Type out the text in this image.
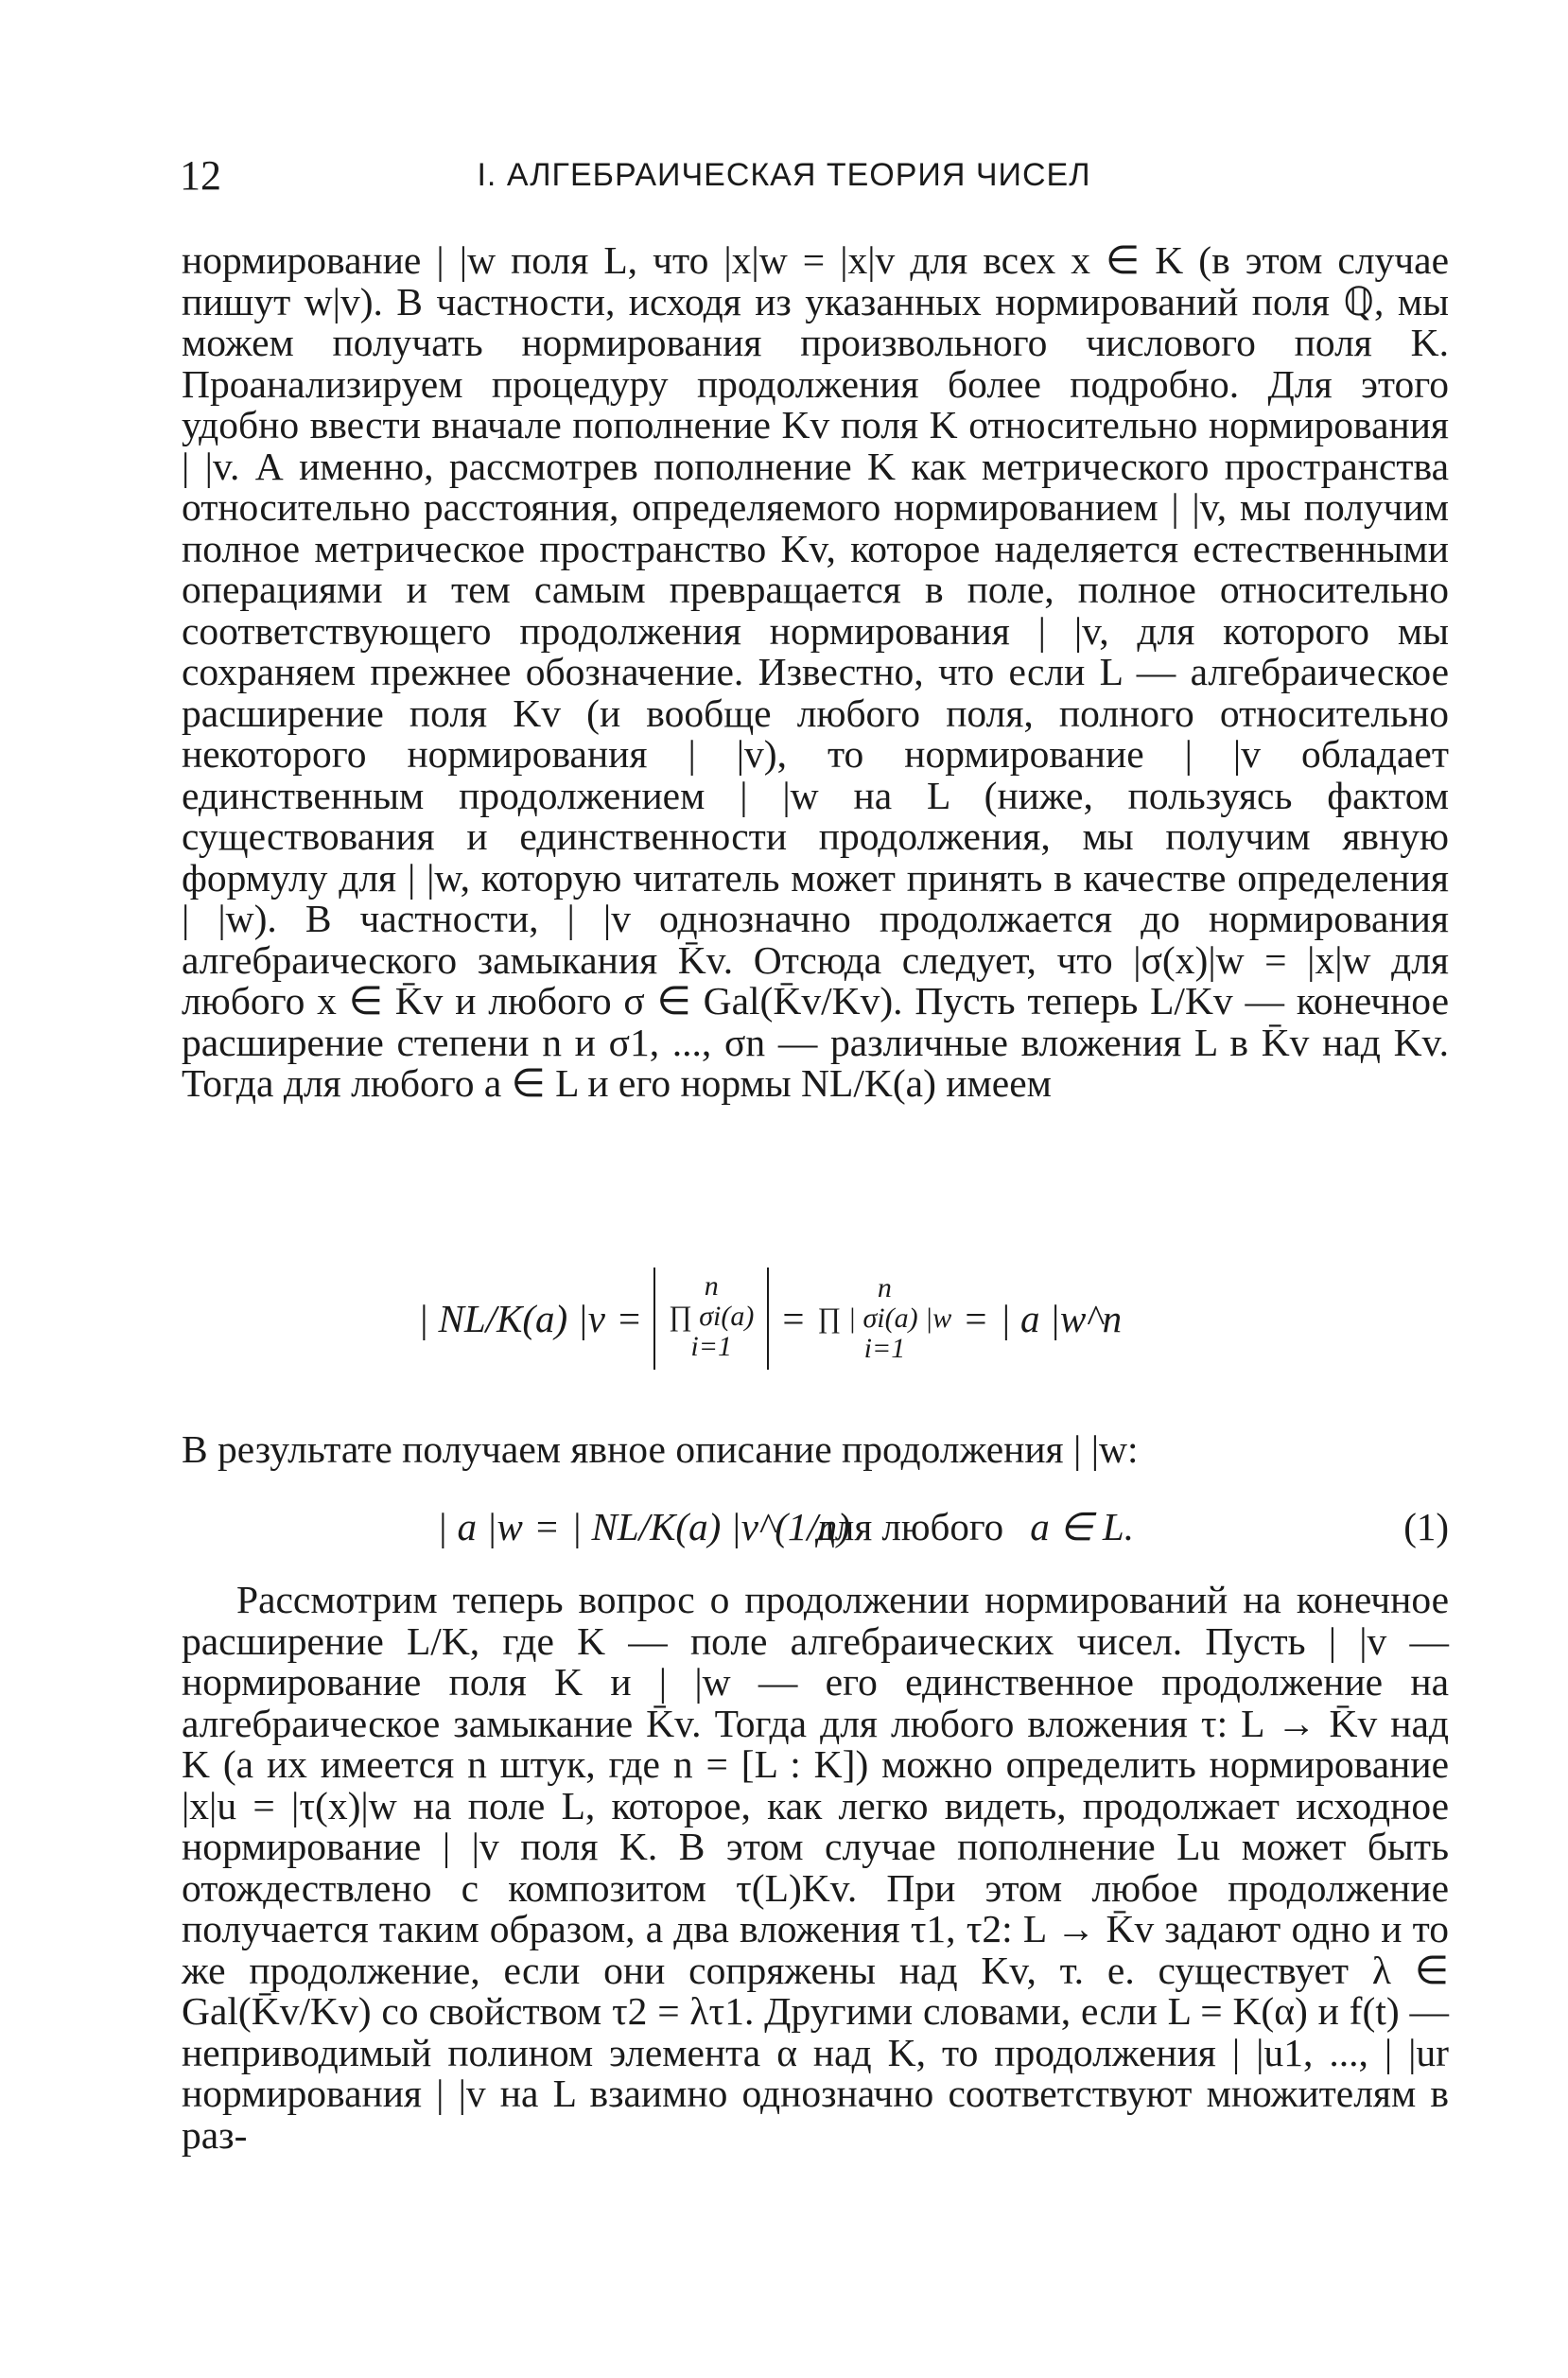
12	I. АЛГЕБРАИЧЕСКАЯ ТЕОРИЯ ЧИСЕЛ
нормирование | |w поля L, что |x|w = |x|v для всех x ∈ K (в этом случае пишут w|v). В частности, исходя из указанных нормирований поля ℚ, мы можем получать нормирования произвольного числового поля K. Проанализируем процедуру продолжения более подробно. Для этого удобно ввести вначале пополнение Kv поля K относительно нормирования | |v. А именно, рассмотрев пополнение K как метрического пространства относительно расстояния, определяемого нормированием | |v, мы получим полное метрическое пространство Kv, которое наделяется естественными операциями и тем самым превращается в поле, полное относительно соответствующего продолжения нормирования | |v, для которого мы сохраняем прежнее обозначение. Известно, что если L — алгебраическое расширение поля Kv (и вообще любого поля, полного относительно некоторого нормирования | |v), то нормирование | |v обладает единственным продолжением | |w на L (ниже, пользуясь фактом существования и единственности продолжения, мы получим явную формулу для | |w, которую читатель может принять в качестве определения | |w). В частности, | |v однозначно продолжается до нормирования алгебраического замыкания K̄v. Отсюда следует, что |σ(x)|w = |x|w для любого x ∈ K̄v и любого σ ∈ Gal(K̄v/Kv). Пусть теперь L/Kv — конечное расширение степени n и σ1, ..., σn — различные вложения L в K̄v над Kv. Тогда для любого a ∈ L и его нормы NL/K(a) имеем
| NL/K(a) |v =
n
∏ σi(a)
i=1
=
n
∏ | σi(a) |w
i=1
= | a |w^n
В результате получаем явное описание продолжения | |w:
| a |w = | NL/K(a) |v^(1/n)
для любого a ∈ L.	(1)
Рассмотрим теперь вопрос о продолжении нормирований на конечное расширение L/K, где K — поле алгебраических чисел. Пусть | |v — нормирование поля K и | |w — его единственное продолжение на алгебраическое замыкание K̄v. Тогда для любого вложения τ: L → K̄v над K (а их имеется n штук, где n = [L : K]) можно определить нормирование |x|u = |τ(x)|w на поле L, которое, как легко видеть, продолжает исходное нормирование | |v поля K. В этом случае пополнение Lu может быть отождествлено с композитом τ(L)Kv. При этом любое продолжение получается таким образом, а два вложения τ1, τ2: L → K̄v задают одно и то же продолжение, если они сопряжены над Kv, т. е. существует λ ∈ Gal(K̄v/Kv) со свойством τ2 = λτ1. Другими словами, если L = K(α) и f(t) — неприводимый полином элемента α над K, то продолжения | |u1, ..., | |ur нормирования | |v на L взаимно однозначно соответствуют множителям в раз-
